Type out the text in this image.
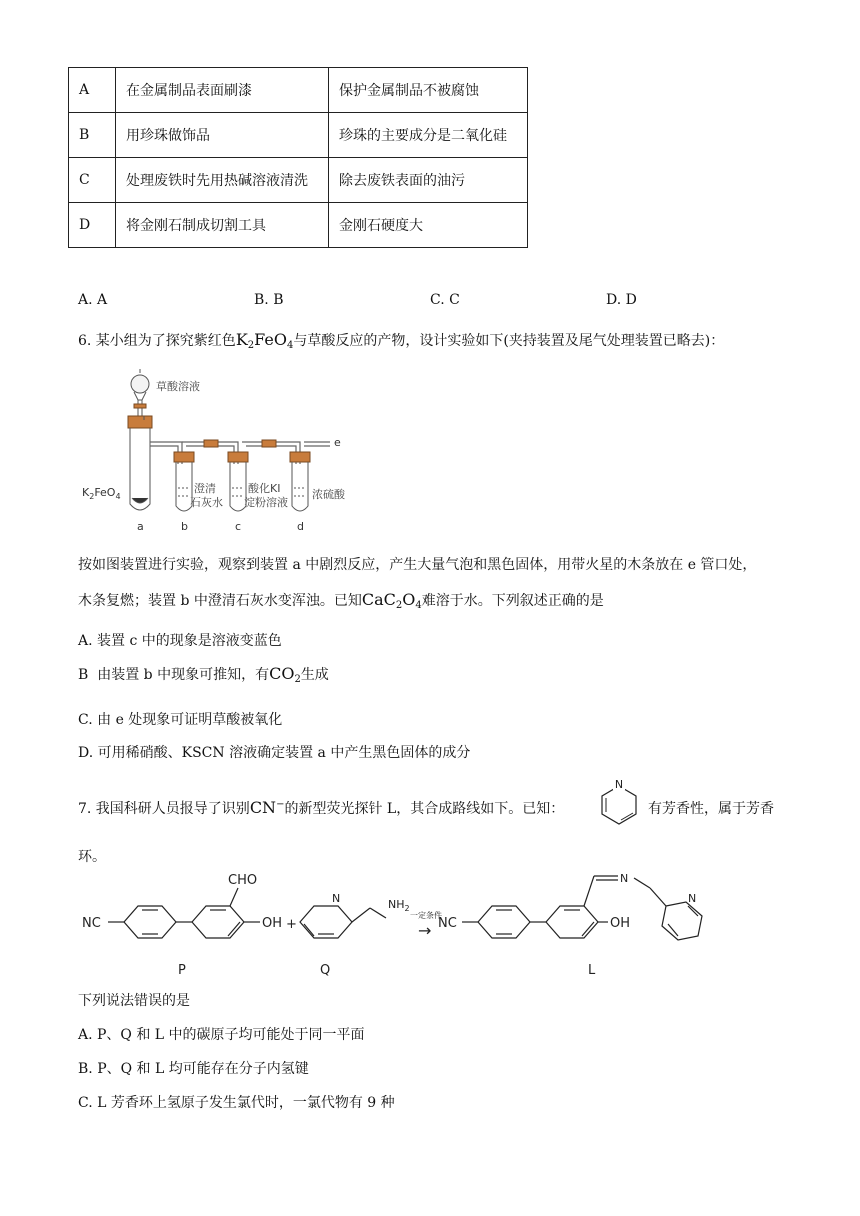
A	在金属制品表面刷漆	保护金属制品不被腐蚀
B	用珍珠做饰品	珍珠的主要成分是二氧化硅
C	处理废铁时先用热碱溶液清洗	除去废铁表面的油污
D	将金刚石制成切割工具	金刚石硬度大
A. A	B. B	C. C	D. D
6. 某小组为了探究紫红色$K_2FeO_4$与草酸反应的产物，设计实验如下(夹持装置及尾气处理装置已略去)：
草酸溶液
$K_2FeO_4$
e
澄清
石灰水
酸化KI
淀粉溶液
浓硫酸
a	b	c	d
按如图装置进行实验，观察到装置 a 中剧烈反应，产生大量气泡和黑色固体，用带火星的木条放在 e 管口处，
木条复燃；装置 b 中澄清石灰水变浑浊。已知$CaC_2O_4$难溶于水。下列叙述正确的是
A. 装置 c 中的现象是溶液变蓝色
B 由装置 b 中现象可推知，有$CO_2$生成
C. 由 e 处现象可证明草酸被氧化
D. 可用稀硝酸、KSCN 溶液确定装置 a 中产生黑色固体的成分
7. 我国科研人员报导了识别CN−的新型荧光探针 L，其合成路线如下。已知：
N
有芳香性，属于芳香
环。
NC
CHO
OH +
N	$NH_2$
一定条件
→ NC
N
OH
N
P	Q	L
下列说法错误的是
A. P、Q 和 L 中的碳原子均可能处于同一平面
B. P、Q 和 L 均可能存在分子内氢键
C. L 芳香环上氢原子发生氯代时，一氯代物有 9 种
